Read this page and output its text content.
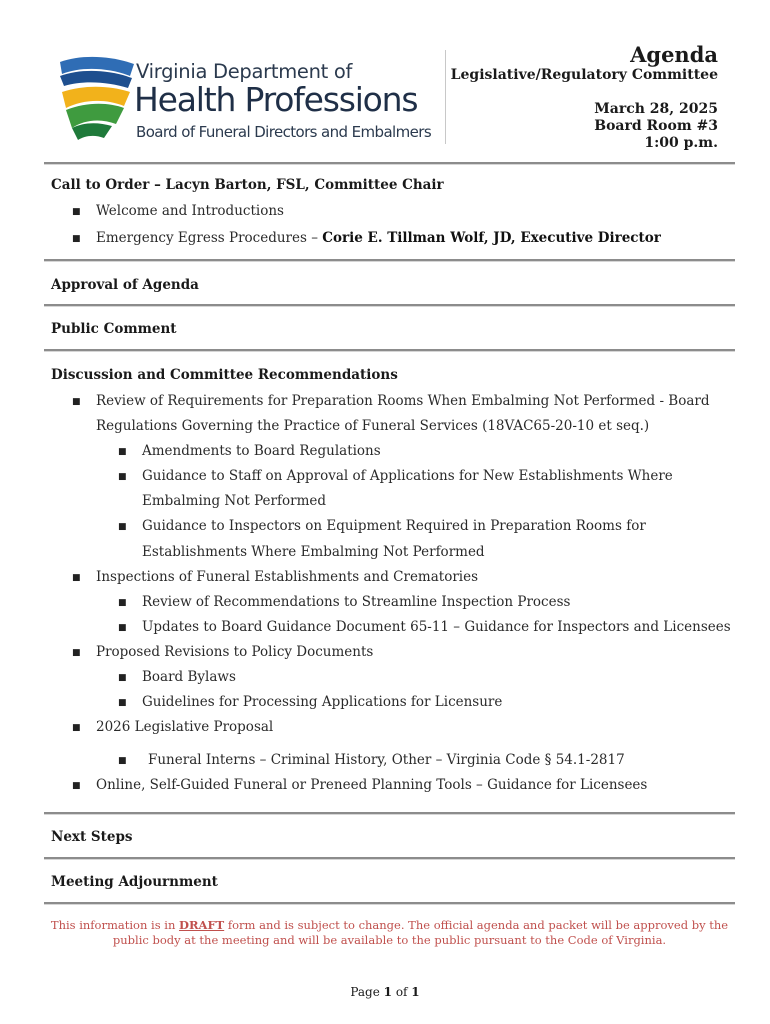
Virginia Department of
Health Professions
Board of Funeral Directors and Embalmers
Agenda
Legislative/Regulatory Committee
March 28, 2025
Board Room #3
1:00 p.m.
Call to Order – Lacyn Barton, FSL, Committee Chair
■ Welcome and Introductions
■ Emergency Egress Procedures – Corie E. Tillman Wolf, JD, Executive Director
Approval of Agenda
Public Comment
Discussion and Committee Recommendations
■ Review of Requirements for Preparation Rooms When Embalming Not Performed - Board
Regulations Governing the Practice of Funeral Services (18VAC65-20-10 et seq.)
■ Amendments to Board Regulations
■ Guidance to Staff on Approval of Applications for New Establishments Where
Embalming Not Performed
■ Guidance to Inspectors on Equipment Required in Preparation Rooms for
Establishments Where Embalming Not Performed
■ Inspections of Funeral Establishments and Crematories
■ Review of Recommendations to Streamline Inspection Process
■ Updates to Board Guidance Document 65-11 – Guidance for Inspectors and Licensees
■ Proposed Revisions to Policy Documents
■ Board Bylaws
■ Guidelines for Processing Applications for Licensure
■ 2026 Legislative Proposal
■ Funeral Interns – Criminal History, Other – Virginia Code § 54.1-2817
■ Online, Self-Guided Funeral or Preneed Planning Tools – Guidance for Licensees
Next Steps
Meeting Adjournment
This information is in DRAFT form and is subject to change. The official agenda and packet will be approved by the
public body at the meeting and will be available to the public pursuant to the Code of Virginia.
Page 1 of 1
